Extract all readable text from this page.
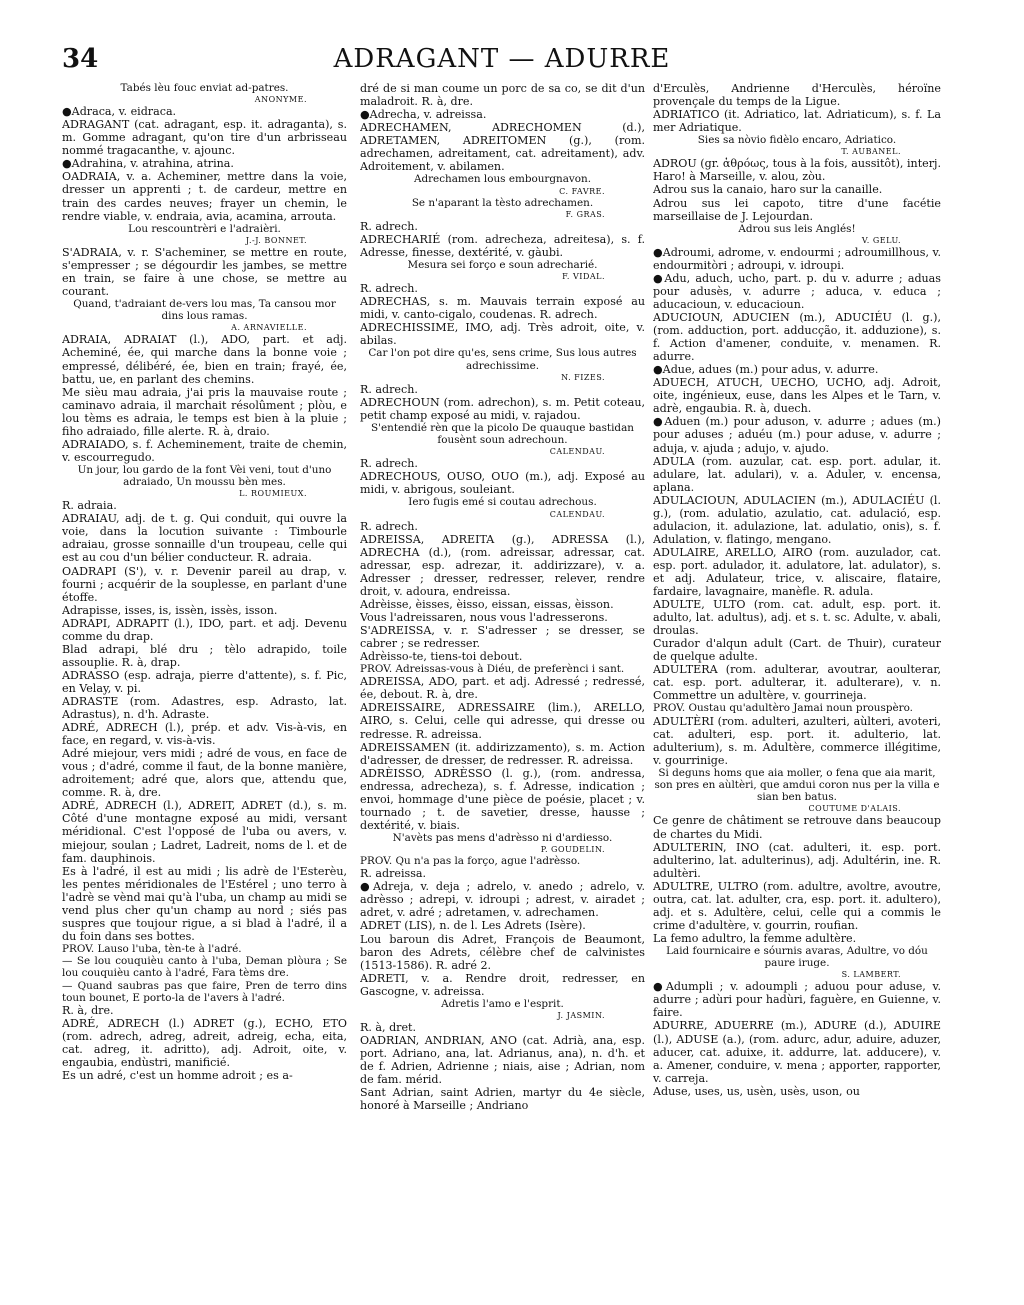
34	ADRAGANT — ADURRE

Tabés lèu fouc enviat ad-patres.

ANONYME.

●Adraca, v. eidraca.

ADRAGANT (cat. adragant, esp. it. adraganta), s. m. Gomme adragant, qu'on tire d'un arbrisseau nommé tragacanthe, v. ajounc.

●Adrahina, v. atrahina, atrina.

OADRAIA, v. a. Acheminer, mettre dans la voie, dresser un apprenti ; t. de cardeur, mettre en train des cardes neuves; frayer un chemin, le rendre viable, v. endraia, avia, acamina, arrouta.

Lou rescountrèri e l'adraièri.

J.-J. BONNET.

S'ADRAIA, v. r. S'acheminer, se mettre en route, s'empresser ; se dégourdir les jambes, se mettre en train, se faire à une chose, se mettre au courant.

Quand, t'adraiant de-vers lou mas, Ta cansou mor dins lous ramas.

A. ARNAVIELLE.

ADRAIA, ADRAIAT (l.), ADO, part. et adj. Acheminé, ée, qui marche dans la bonne voie ; empressé, délibéré, ée, bien en train; frayé, ée, battu, ue, en parlant des chemins.

Me sièu mau adraia, j'ai pris la mauvaise route ; caminavo adraia, il marchait résolûment ; plòu, e lou tèms es adraia, le temps est bien à la pluie ; fiho adraiado, fille alerte. R. à, draio.

ADRAIADO, s. f. Acheminement, traite de chemin, v. escourregudo.

Un jour, lou gardo de la font Vèi veni, tout d'uno adraiado, Un moussu bèn mes.

L. ROUMIEUX.

R. adraia.

ADRAIAU, adj. de t. g. Qui conduit, qui ouvre la voie, dans la locution suivante : Timbourle adraiau, grosse sonnaille d'un troupeau, celle qui est au cou d'un bélier conducteur. R. adraia.

OADRAPI (S'), v. r. Devenir pareil au drap, v. fourni ; acquérir de la souplesse, en parlant d'une étoffe.

Adrapisse, isses, is, issèn, issès, isson.

ADRAPI, ADRAPIT (l.), IDO, part. et adj. Devenu comme du drap.

Blad adrapi, blé dru ; tèlo adrapido, toile assouplie. R. à, drap.

ADRASSO (esp. adraja, pierre d'attente), s. f. Pic, en Velay, v. pi.

ADRASTE (rom. Adastres, esp. Adrasto, lat. Adrastus), n. d'h. Adraste.

ADRÉ, ADRECH (l.), prép. et adv. Vis-à-vis, en face, en regard, v. vis-à-vis.

Adré miejour, vers midi ; adré de vous, en face de vous ; d'adré, comme il faut, de la bonne manière, adroitement; adré que, alors que, attendu que, comme. R. à, dre.

ADRÉ, ADRECH (l.), ADREIT, ADRET (d.), s. m. Côté d'une montagne exposé au midi, versant méridional. C'est l'opposé de l'uba ou avers, v. miejour, soulan ; Ladret, Ladreit, noms de l. et de fam. dauphinois.

Es à l'adré, il est au midi ; lis adrè de l'Esterèu, les pentes méridionales de l'Estérel ; uno terro à l'adrè se vènd mai qu'à l'uba, un champ au midi se vend plus cher qu'un champ au nord ; siés pas suspres que toujour rigue, a si blad à l'adré, il a du foin dans ses bottes.

PROV. Lauso l'uba, tèn-te à l'adré.

— Se lou couquièu canto à l'uba, Deman plòura ; Se lou couquièu canto à l'adré, Fara tèms dre.

— Quand saubras pas que faire, Pren de terro dins toun bounet, E porto-la de l'avers à l'adré.

R. à, dre.

ADRÉ, ADRECH (l.) ADRET (g.), ECHO, ETO (rom. adrech, adreg, adreit, adreig, echa, eita, cat. adreg, it. adritto), adj. Adroit, oite, v. engaubia, endùstri, manificié.

Es un adré, c'est un homme adroit ; es a-

dré de si man coume un porc de sa co, se dit d'un maladroit. R. à, dre.

●Adrecha, v. adreissa.

ADRECHAMEN, ADRECHOMEN (d.), ADRETAMEN, ADREITOMEN (g.), (rom. adrechamen, adreitament, cat. adreitament), adv. Adroitement, v. abilamen.

Adrechamen lous embourgnavon.

C. FAVRE.

Se n'aparant la tèsto adrechamen.

F. GRAS.

R. adrech.

ADRECHARIÉ (rom. adrecheza, adreitesa), s. f. Adresse, finesse, dextérité, v. gàubi.

Mesura sei forço e soun adrecharié.

F. VIDAL.

R. adrech.

ADRECHAS, s. m. Mauvais terrain exposé au midi, v. canto-cigalo, coudenas. R. adrech.

ADRECHISSIME, IMO, adj. Très adroit, oite, v. abilas.

Car l'on pot dire qu'es, sens crime, Sus lous autres adrechissime.

N. FIZES.

R. adrech.

ADRECHOUN (rom. adrechon), s. m. Petit coteau, petit champ exposé au midi, v. rajadou.

S'entendié rèn que la picolo De quauque bastidan fousènt soun adrechoun.

CALENDAU.

R. adrech.

ADRECHOUS, OUSO, OUO (m.), adj. Exposé au midi, v. abrigous, souleiant.

Iero fugis emé si coutau adrechous.

CALENDAU.

R. adrech.

ADREISSA, ADREITA (g.), ADRESSA (l.), ADRECHA (d.), (rom. adreissar, adressar, cat. adressar, esp. adrezar, it. addirizzare), v. a. Adresser ; dresser, redresser, relever, rendre droit, v. adoura, endreissa.

Adrèisse, èisses, èisso, eissan, eissas, èisson.

Vous l'adreissaren, nous vous l'adresserons.

S'ADREISSA, v. r. S'adresser ; se dresser, se cabrer ; se redresser.

Adrèisso-te, tiens-toi debout.

PROV. Adreissas-vous à Diéu, de preferènci i sant.

ADREISSA, ADO, part. et adj. Adressé ; redressé, ée, debout. R. à, dre.

ADREISSAIRE, ADRESSAIRE (lim.), ARELLO, AIRO, s. Celui, celle qui adresse, qui dresse ou redresse. R. adreissa.

ADREISSAMEN (it. addirizzamento), s. m. Action d'adresser, de dresser, de redresser. R. adreissa.

ADRÈISSO, ADRÈSSO (l. g.), (rom. andressa, endressa, adrecheza), s. f. Adresse, indication ; envoi, hommage d'une pièce de poésie, placet ; v. tournado ; t. de savetier, dresse, hausse ; dextérité, v. biais.

N'avèts pas mens d'adrèsso ni d'ardiesso.

P. GOUDELIN.

PROV. Qu n'a pas la forço, ague l'adrèsso.

R. adreissa.

●Adreja, v. deja ; adrelo, v. anedo ; adrelo, v. adrèsso ; adrepi, v. idroupi ; adrest, v. airadet ; adret, v. adré ; adretamen, v. adrechamen.

ADRET (LIS), n. de l. Les Adrets (Isère).

Lou baroun dis Adret, François de Beaumont, baron des Adrets, célèbre chef de calvinistes (1513-1586). R. adré 2.

ADRETI, v. a. Rendre droit, redresser, en Gascogne, v. adreissa.

Adretis l'amo e l'esprit.

J. JASMIN.

R. à, dret.

OADRIAN, ANDRIAN, ANO (cat. Adrià, ana, esp. port. Adriano, ana, lat. Adrianus, ana), n. d'h. et de f. Adrien, Adrienne ; niais, aise ; Adrian, nom de fam. mérid.

Sant Adrian, saint Adrien, martyr du 4e siècle, honoré à Marseille ; Andriano

d'Erculès, Andrienne d'Herculès, héroïne provençale du temps de la Ligue.

ADRIATICO (it. Adriatico, lat. Adriaticum), s. f. La mer Adriatique.

Sies sa nòvio fidèlo encaro, Adriatico.

T. AUBANEL.

ADROU (gr. ἁθρόως, tous à la fois, aussitôt), interj. Haro! à Marseille, v. alou, zòu.

Adrou sus la canaio, haro sur la canaille.

Adrou sus lei capoto, titre d'une facétie marseillaise de J. Lejourdan.

Adrou sus leis Anglés!

V. GELU.

●Adroumi, adrome, v. endourmi ; adroumillhous, v. endourmitòri ; adroupi, v. idroupi.

●Adu, aduch, ucho, part. p. du v. adurre ; aduas pour adusès, v. adurre ; aduca, v. educa ; aducacioun, v. educacioun.

ADUCIOUN, ADUCIEN (m.), ADUCIÉU (l. g.), (rom. adduction, port. adducção, it. adduzione), s. f. Action d'amener, conduite, v. menamen. R. adurre.

●Adue, adues (m.) pour adus, v. adurre.

ADUECH, ATUCH, UECHO, UCHO, adj. Adroit, oite, ingénieux, euse, dans les Alpes et le Tarn, v. adrè, engaubia. R. à, duech.

●Aduen (m.) pour aduson, v. adurre ; adues (m.) pour aduses ; aduéu (m.) pour aduse, v. adurre ; aduja, v. ajuda ; adujo, v. ajudo.

ADULA (rom. auzular, cat. esp. port. adular, it. adulare, lat. adulari), v. a. Aduler, v. encensa, aplana.

ADULACIOUN, ADULACIEN (m.), ADULACIÉU (l. g.), (rom. adulatio, azulatio, cat. adulació, esp. adulacion, it. adulazione, lat. adulatio, onis), s. f. Adulation, v. flatingo, mengano.

ADULAIRE, ARELLO, AIRO (rom. auzulador, cat. esp. port. adulador, it. adulatore, lat. adulator), s. et adj. Adulateur, trice, v. aliscaire, flataire, fardaire, lavagnaire, manèfle. R. adula.

ADULTE, ULTO (rom. cat. adult, esp. port. it. adulto, lat. adultus), adj. et s. t. sc. Adulte, v. abali, droulas.

Curador d'alqun adult (Cart. de Thuir), curateur de quelque adulte.

ADULTERA (rom. adulterar, avoutrar, aoulterar, cat. esp. port. adulterar, it. adulterare), v. n. Commettre un adultère, v. gourrineja.

PROV. Oustau qu'adultèro Jamai noun prouspèro.

ADULTÈRI (rom. adulteri, azulteri, aùlteri, avoteri, cat. adulteri, esp. port. it. adulterio, lat. adulterium), s. m. Adultère, commerce illégitime, v. gourrinige.

Si deguns homs que aia moller, o fena que aia marit, son pres en aùltèri, que amdui coron nus per la villa e sian ben batus.

COUTUME D'ALAIS.

Ce genre de châtiment se retrouve dans beaucoup de chartes du Midi.

ADULTERIN, INO (cat. adulteri, it. esp. port. adulterino, lat. adulterinus), adj. Adultérin, ine. R. adultèri.

ADULTRE, ULTRO (rom. adultre, avoltre, avoutre, outra, cat. lat. adulter, cra, esp. port. it. adultero), adj. et s. Adultère, celui, celle qui a commis le crime d'adultère, v. gourrin, roufian.

La femo adultro, la femme adultère.

Laid fournicaire e sóurnis avaras, Adultre, vo dóu paure iruge.

S. LAMBERT.

●Adumpli ; v. adoumpli ; aduou pour aduse, v. adurre ; adùri pour hadùri, faguère, en Guienne, v. faire.

ADURRE, ADUERRE (m.), ADURE (d.), ADUIRE (l.), ADUSE (a.), (rom. adurc, adur, aduire, aduzer, aducer, cat. aduixe, it. addurre, lat. adducere), v. a. Amener, conduire, v. mena ; apporter, rapporter, v. carreja.

Aduse, uses, us, usèn, usès, uson, ou
